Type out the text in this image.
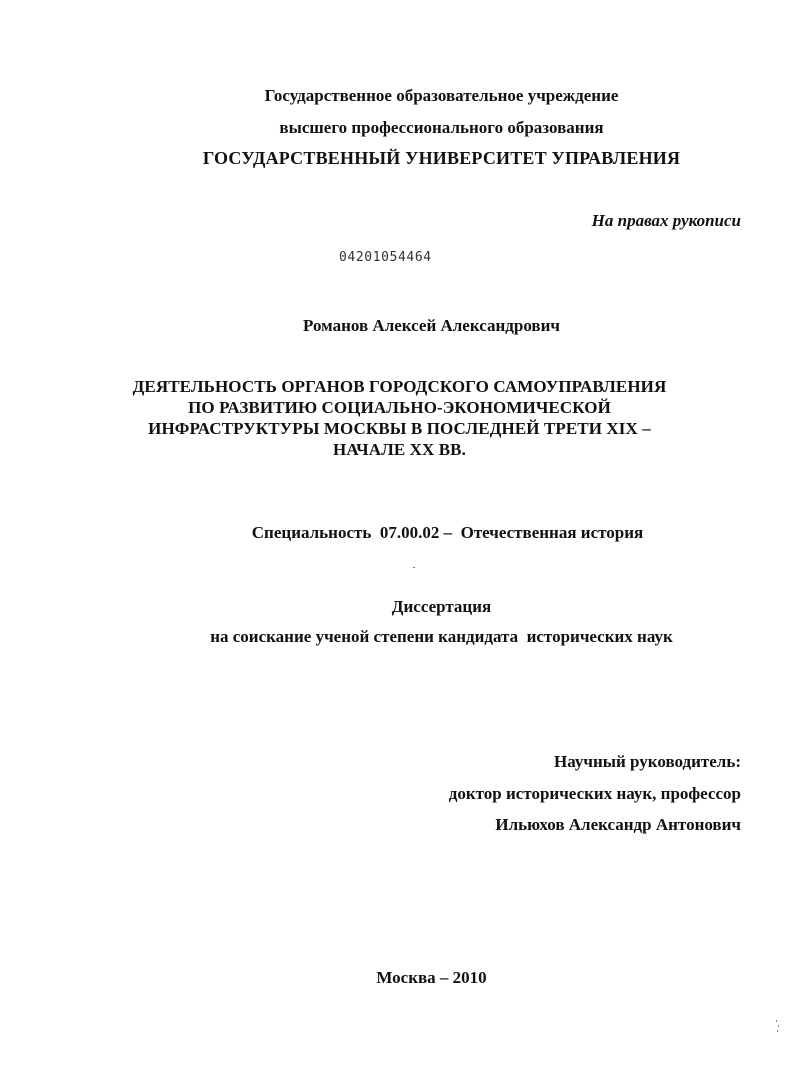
Государственное образовательное учреждение
высшего профессионального образования
ГОСУДАРСТВЕННЫЙ УНИВЕРСИТЕТ УПРАВЛЕНИЯ
На правах рукописи
04201054464
Романов Алексей Александрович
ДЕЯТЕЛЬНОСТЬ ОРГАНОВ ГОРОДСКОГО САМОУПРАВЛЕНИЯ
ПО РАЗВИТИЮ СОЦИАЛЬНО-ЭКОНОМИЧЕСКОЙ
ИНФРАСТРУКТУРЫ МОСКВЫ В ПОСЛЕДНЕЙ ТРЕТИ XIX –
НАЧАЛЕ XX ВВ.
Специальность  07.00.02 –  Отечественная история
Диссертация
на соискание ученой степени кандидата  исторических наук
Научный руководитель:
доктор исторических наук, профессор
Ильюхов Александр Антонович
Москва – 2010
